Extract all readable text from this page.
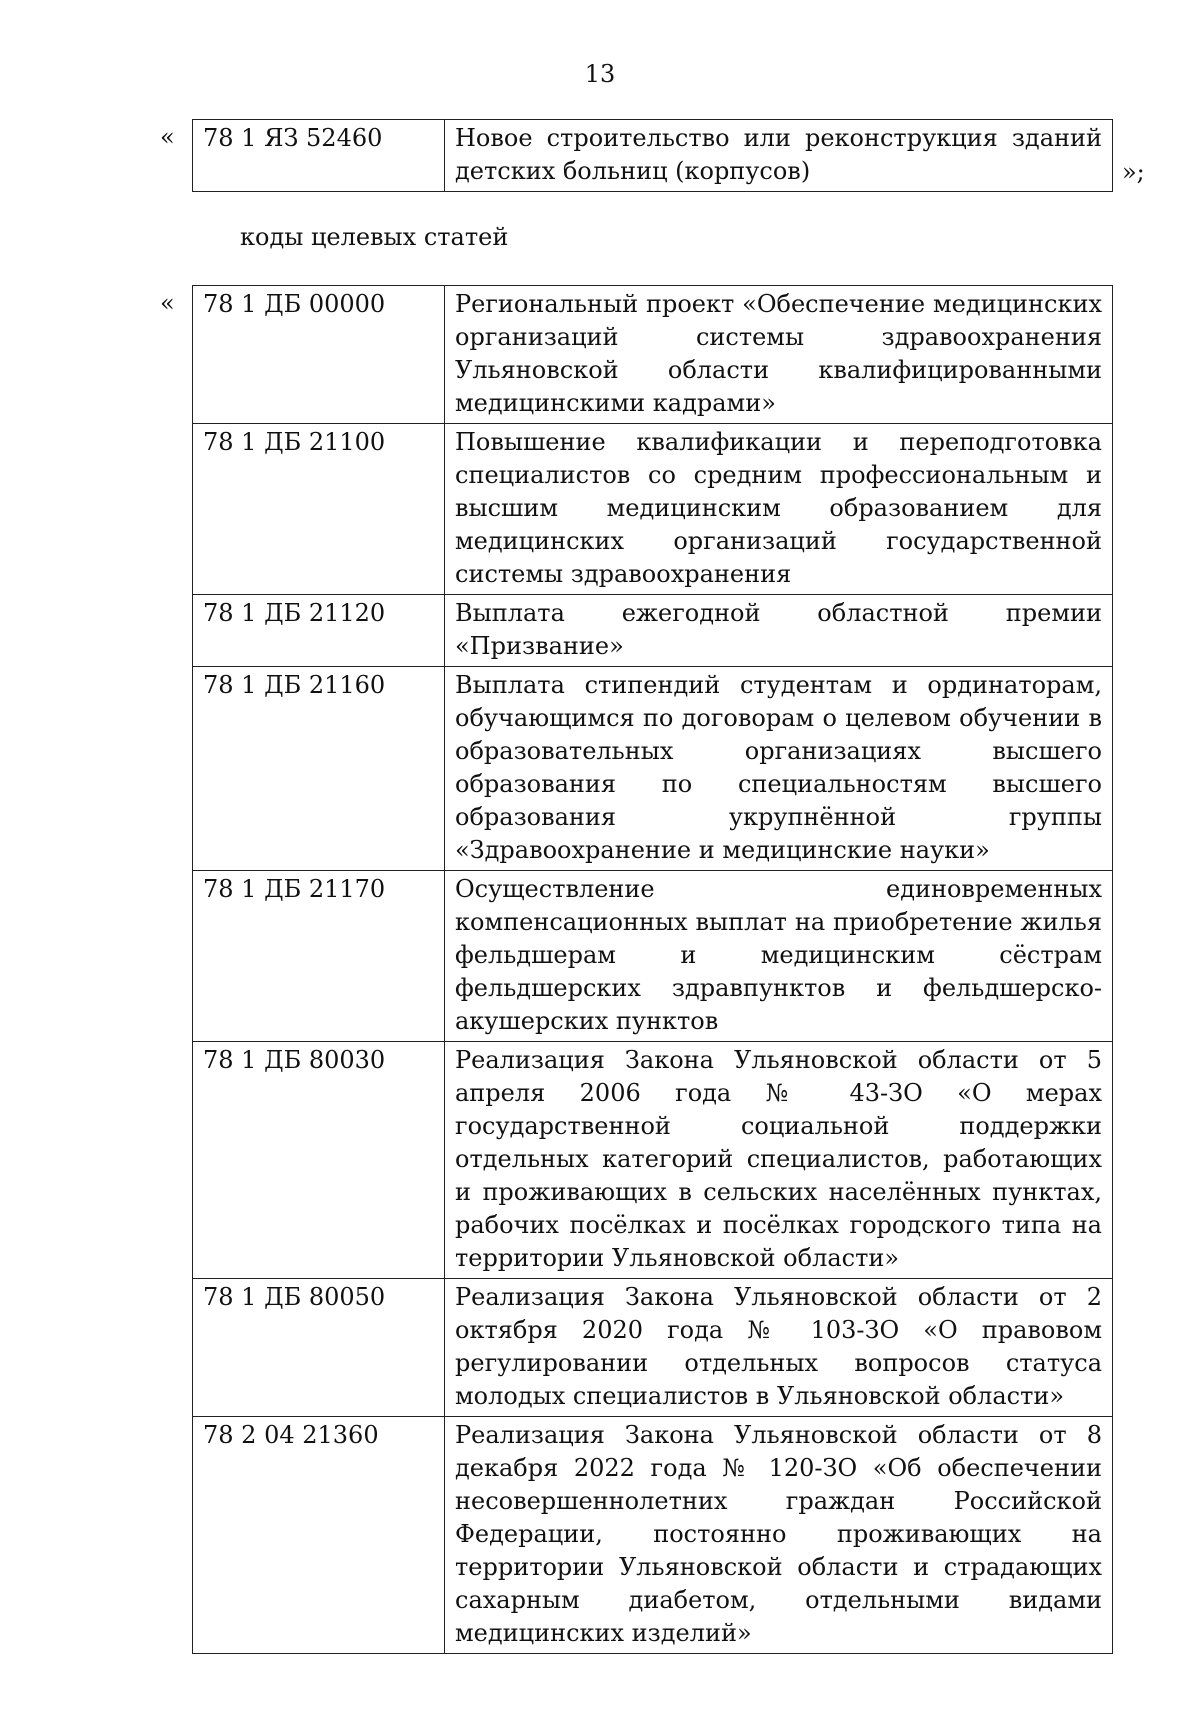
13
« 78 1 ЯЗ 52460	Новое строительство или реконструкция зданий детских больниц (корпусов)	»;
коды целевых статей
« 78 1 ДБ 00000	Региональный проект «Обеспечение медицинских организаций системы здравоохранения Ульяновской области квалифицированными медицинскими кадрами»
78 1 ДБ 21100	Повышение квалификации и переподготовка специалистов со средним профессиональным и высшим медицинским образованием для медицинских организаций государственной системы здравоохранения
78 1 ДБ 21120	Выплата ежегодной областной премии «Призвание»
78 1 ДБ 21160	Выплата стипендий студентам и ординаторам, обучающимся по договорам о целевом обучении в образовательных организациях высшего образования по специальностям высшего образования укрупнённой группы «Здравоохранение и медицинские науки»
78 1 ДБ 21170	Осуществление единовременных компенсационных выплат на приобретение жилья фельдшерам и медицинским сёстрам фельдшерских здравпунктов и фельдшерско-акушерских пунктов
78 1 ДБ 80030	Реализация Закона Ульяновской области от 5 апреля 2006 года № 43-ЗО «О мерах государственной социальной поддержки отдельных категорий специалистов, работающих и проживающих в сельских населённых пунктах, рабочих посёлках и посёлках городского типа на территории Ульяновской области»
78 1 ДБ 80050	Реализация Закона Ульяновской области от 2 октября 2020 года № 103-ЗО «О правовом регулировании отдельных вопросов статуса молодых специалистов в Ульяновской области»
78 2 04 21360	Реализация Закона Ульяновской области от 8 декабря 2022 года № 120-ЗО «Об обеспечении несовершеннолетних граждан Российской Федерации, постоянно проживающих на территории Ульяновской области и страдающих сахарным диабетом, отдельными видами медицинских изделий»
